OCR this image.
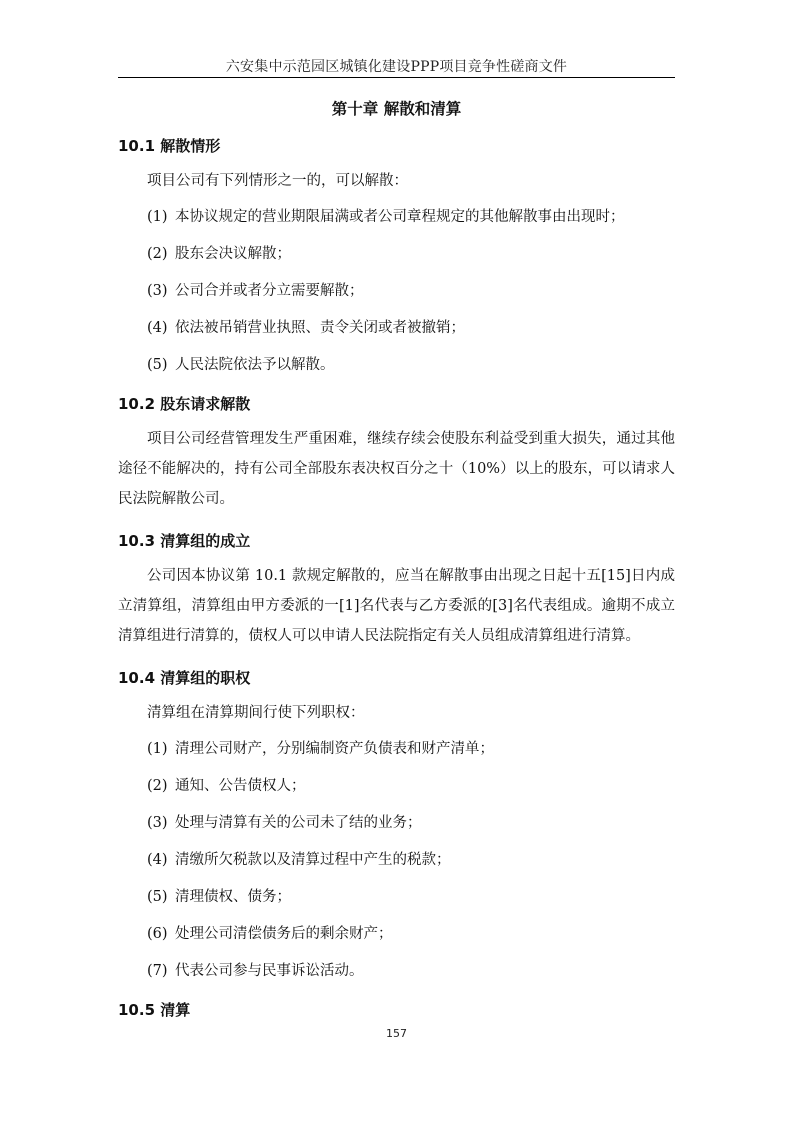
六安集中示范园区城镇化建设PPP项目竞争性磋商文件
第十章 解散和清算
10.1 解散情形

项目公司有下列情形之一的，可以解散：

(1) 本协议规定的营业期限届满或者公司章程规定的其他解散事由出现时；
(2) 股东会决议解散；
(3) 公司合并或者分立需要解散；
(4) 依法被吊销营业执照、责令关闭或者被撤销；
(5) 人民法院依法予以解散。
10.2 股东请求解散

项目公司经营管理发生严重困难，继续存续会使股东利益受到重大损失，通过其他途径不能解决的，持有公司全部股东表决权百分之十（10%）以上的股东，可以请求人民法院解散公司。

10.3 清算组的成立

公司因本协议第 10.1 款规定解散的，应当在解散事由出现之日起十五[15]日内成立清算组，清算组由甲方委派的一[1]名代表与乙方委派的[3]名代表组成。逾期不成立清算组进行清算的，债权人可以申请人民法院指定有关人员组成清算组进行清算。

10.4 清算组的职权

清算组在清算期间行使下列职权：

(1) 清理公司财产，分别编制资产负债表和财产清单；
(2) 通知、公告债权人；
(3) 处理与清算有关的公司未了结的业务；
(4) 清缴所欠税款以及清算过程中产生的税款；
(5) 清理债权、债务；
(6) 处理公司清偿债务后的剩余财产；
(7) 代表公司参与民事诉讼活动。
10.5 清算
157
